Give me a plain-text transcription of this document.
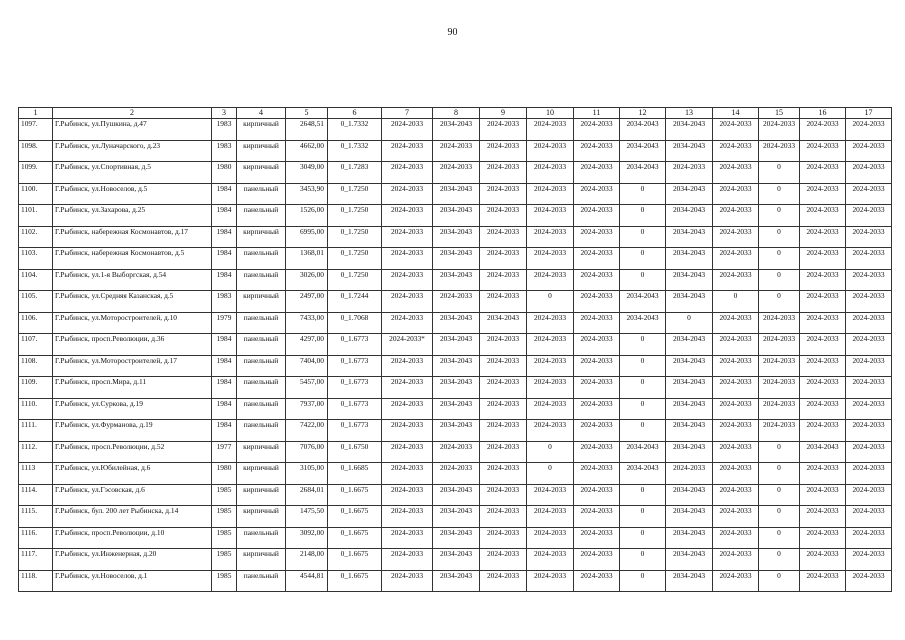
90
1	2	3	4	5	6	7	8	9	10	11	12	13	14	15	16	17
1097.	Г.Рыбинск, ул.Пушкина, д.47	1983	кирпичный	2648,51	0_1.7332	2024-2033	2034-2043	2024-2033	2024-2033	2024-2033	2034-2043	2034-2043	2024-2033	2024-2033	2024-2033	2024-2033
1098.	Г.Рыбинск, ул.Луначарского, д.23	1983	кирпичный	4662,00	0_1.7332	2024-2033	2024-2033	2024-2033	2024-2033	2024-2033	2034-2043	2034-2043	2024-2033	2024-2033	2024-2033	2024-2033
1099.	Г.Рыбинск, ул.Спортивная, д.5	1980	кирпичный	3049,00	0_1.7283	2024-2033	2024-2033	2024-2033	2024-2033	2024-2033	2034-2043	2024-2033	2024-2033	0	2024-2033	2024-2033
1100.	Г.Рыбинск, ул.Новоселов, д.5	1984	панельный	3453,90	0_1.7250	2024-2033	2034-2043	2024-2033	2024-2033	2024-2033	0	2034-2043	2024-2033	0	2024-2033	2024-2033
1101.	Г.Рыбинск, ул.Захарова, д.25	1984	панельный	1526,00	0_1.7250	2024-2033	2034-2043	2024-2033	2024-2033	2024-2033	0	2034-2043	2024-2033	0	2024-2033	2024-2033
1102.	Г.Рыбинск, набережная Космонавтов, д.17	1984	кирпичный	6995,00	0_1.7250	2024-2033	2034-2043	2024-2033	2024-2033	2024-2033	0	2034-2043	2024-2033	0	2024-2033	2024-2033
1103.	Г.Рыбинск, набережная Космонавтов, д.5	1984	панельный	1368,01	0_1.7250	2024-2033	2034-2043	2024-2033	2024-2033	2024-2033	0	2034-2043	2024-2033	0	2024-2033	2024-2033
1104.	Г.Рыбинск, ул.1-я Выборгская, д.54	1984	панельный	3026,00	0_1.7250	2024-2033	2034-2043	2024-2033	2024-2033	2024-2033	0	2034-2043	2024-2033	0	2024-2033	2024-2033
1105.	Г.Рыбинск, ул.Средняя Казанская, д.5	1983	кирпичный	2497,00	0_1.7244	2024-2033	2024-2033	2024-2033	0	2024-2033	2034-2043	2034-2043	0	0	2024-2033	2024-2033
1106.	Г.Рыбинск, ул.Моторостроителей, д.10	1979	панельный	7433,00	0_1.7068	2024-2033	2034-2043	2034-2043	2024-2033	2024-2033	2034-2043	0	2024-2033	2024-2033	2024-2033	2024-2033
1107.	Г.Рыбинск, просп.Революции, д.36	1984	панельный	4297,00	0_1.6773	2024-2033*	2034-2043	2024-2033	2024-2033	2024-2033	0	2034-2043	2024-2033	2024-2033	2024-2033	2024-2033
1108.	Г.Рыбинск, ул.Моторостроителей, д.17	1984	панельный	7404,00	0_1.6773	2024-2033	2034-2043	2024-2033	2024-2033	2024-2033	0	2034-2043	2024-2033	2024-2033	2024-2033	2024-2033
1109.	Г.Рыбинск, просп.Мира, д.11	1984	панельный	5457,00	0_1.6773	2024-2033	2034-2043	2024-2033	2024-2033	2024-2033	0	2034-2043	2024-2033	2024-2033	2024-2033	2024-2033
1110.	Г.Рыбинск, ул.Суркова, д.19	1984	панельный	7937,00	0_1.6773	2024-2033	2034-2043	2024-2033	2024-2033	2024-2033	0	2034-2043	2024-2033	2024-2033	2024-2033	2024-2033
1111.	Г.Рыбинск, ул.Фурманова, д.19	1984	панельный	7422,00	0_1.6773	2024-2033	2034-2043	2024-2033	2024-2033	2024-2033	0	2034-2043	2024-2033	2024-2033	2024-2033	2024-2033
1112.	Г.Рыбинск, просп.Революции, д.52	1977	кирпичный	7076,00	0_1.6750	2024-2033	2024-2033	2024-2033	0	2024-2033	2034-2043	2034-2043	2024-2033	0	2034-2043	2024-2033
1113	Г.Рыбинск, ул.Юбилейная, д.6	1980	кирпичный	3105,00	0_1.6685	2024-2033	2024-2033	2024-2033	0	2024-2033	2034-2043	2024-2033	2024-2033	0	2024-2033	2024-2033
1114.	Г.Рыбинск, ул.Гэсовская, д.6	1985	кирпичный	2684,01	0_1.6675	2024-2033	2034-2043	2024-2033	2024-2033	2024-2033	0	2034-2043	2024-2033	0	2024-2033	2024-2033
1115.	Г.Рыбинск, бул. 200 лет Рыбинска, д.14	1985	кирпичный	1475,50	0_1.6675	2024-2033	2034-2043	2024-2033	2024-2033	2024-2033	0	2034-2043	2024-2033	0	2024-2033	2024-2033
1116.	Г.Рыбинск, просп.Революции, д.10	1985	панельный	3092,00	0_1.6675	2024-2033	2034-2043	2024-2033	2024-2033	2024-2033	0	2034-2043	2024-2033	0	2024-2033	2024-2033
1117.	Г.Рыбинск, ул.Инженерная, д.20	1985	кирпичный	2148,00	0_1.6675	2024-2033	2034-2043	2024-2033	2024-2033	2024-2033	0	2034-2043	2024-2033	0	2024-2033	2024-2033
1118.	Г.Рыбинск, ул.Новоселов, д.1	1985	панельный	4544,81	0_1.6675	2024-2033	2034-2043	2024-2033	2024-2033	2024-2033	0	2034-2043	2024-2033	0	2024-2033	2024-2033
